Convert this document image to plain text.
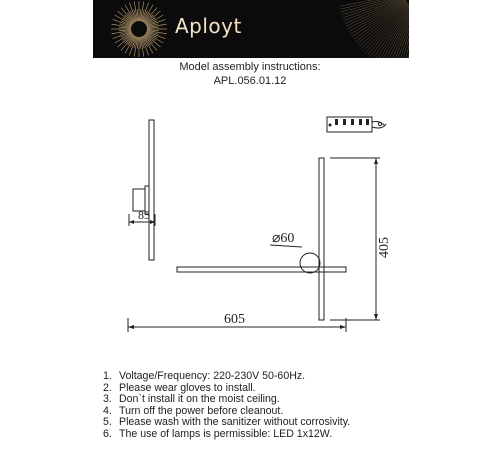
Aployt
Model assembly instructions:
APL.056.01.12
85
⌀60
605
405
1. Voltage/Frequency: 220-230V 50-60Hz.
2. Please wear gloves to install.
3. Don`t install it on the moist ceiling.
4. Turn off the power before cleanout.
5. Please wash with the sanitizer without corrosivity.
6. The use of lamps is permissible: LED 1x12W.
